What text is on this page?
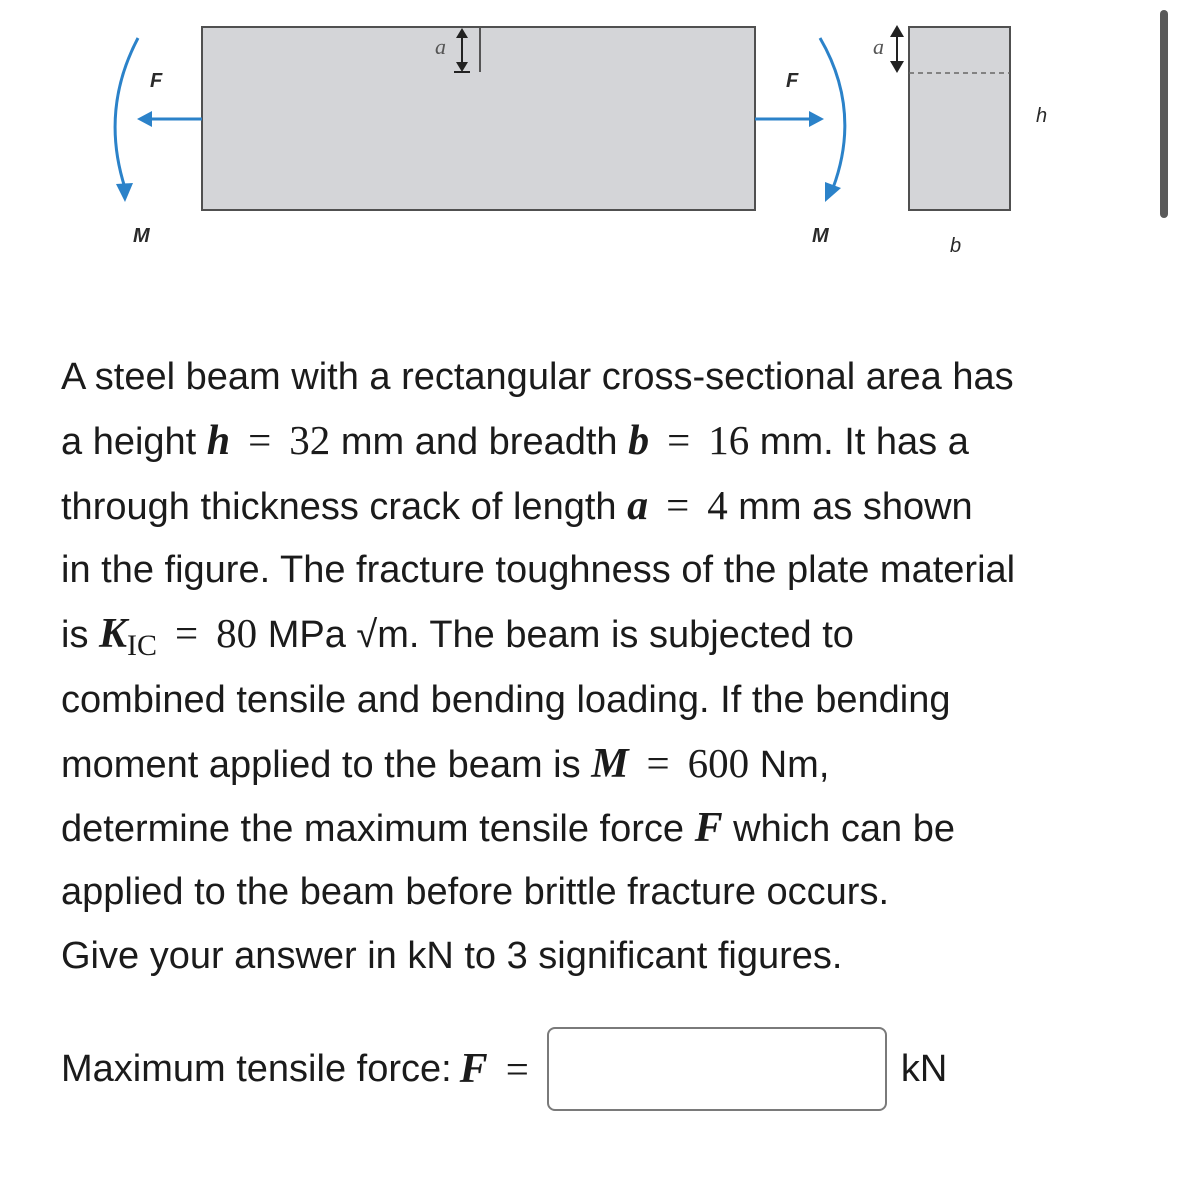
a
F
M
F
M
a
h
b
A steel beam with a rectangular cross-sectional area has
a height h = 32 mm and breadth b = 16 mm. It has a
through thickness crack of length a = 4 mm as shown
in the figure. The fracture toughness of the plate material
is $K_{IC} = 80$ MPa √m. The beam is subjected to
combined tensile and bending loading. If the bending
moment applied to the beam is M = 600 Nm,
determine the maximum tensile force F which can be
applied to the beam before brittle fracture occurs.
Give your answer in kN to 3 significant figures.
Maximum tensile force: F =	kN
